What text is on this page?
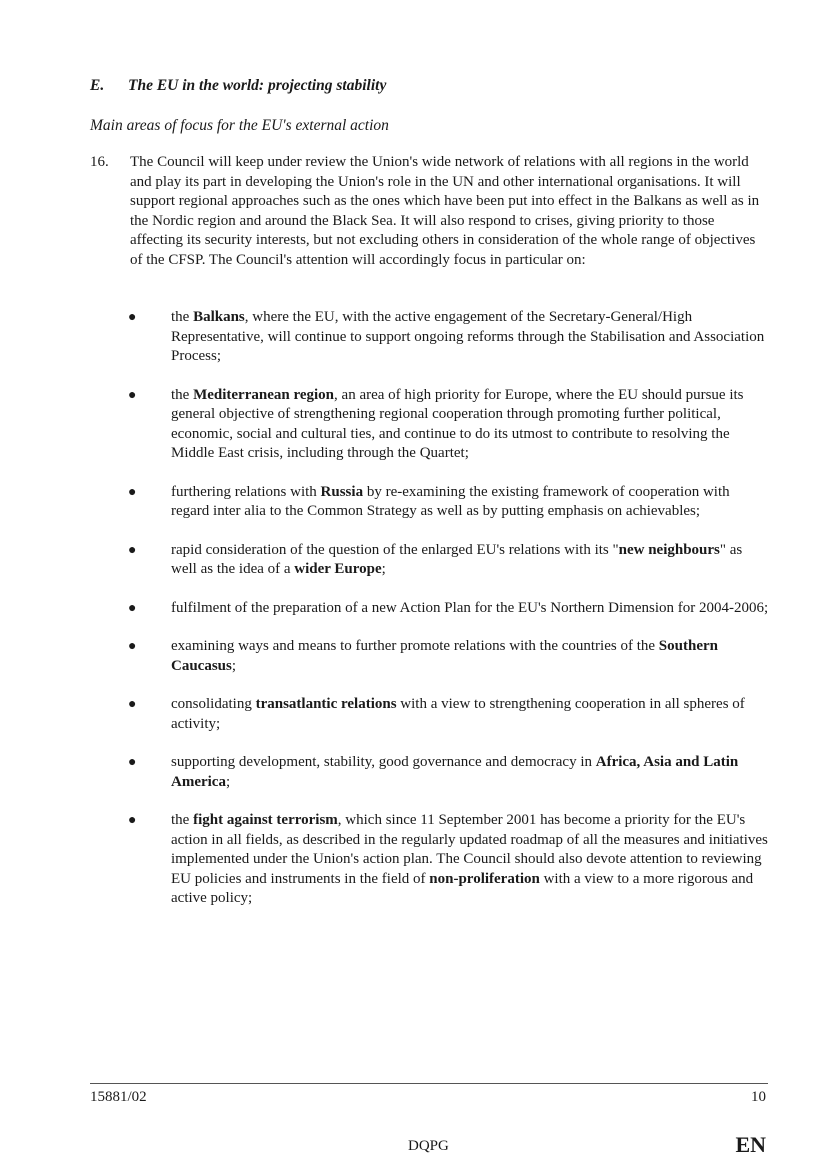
E. The EU in the world: projecting stability
Main areas of focus for the EU's external action
16. The Council will keep under review the Union's wide network of relations with all regions in the world and play its part in developing the Union's role in the UN and other international organisations. It will support regional approaches such as the ones which have been put into effect in the Balkans as well as in the Nordic region and around the Black Sea. It will also respond to crises, giving priority to those affecting its security interests, but not excluding others in consideration of the whole range of objectives of the CFSP. The Council's attention will accordingly focus in particular on:
● the Balkans, where the EU, with the active engagement of the Secretary-General/High Representative, will continue to support ongoing reforms through the Stabilisation and Association Process;
● the Mediterranean region, an area of high priority for Europe, where the EU should pursue its general objective of strengthening regional cooperation through promoting further political, economic, social and cultural ties, and continue to do its utmost to contribute to resolving the Middle East crisis, including through the Quartet;
● furthering relations with Russia by re-examining the existing framework of cooperation with regard inter alia to the Common Strategy as well as by putting emphasis on achievables;
● rapid consideration of the question of the enlarged EU's relations with its "new neighbours" as well as the idea of a wider Europe;
● fulfilment of the preparation of a new Action Plan for the EU's Northern Dimension for 2004-2006;
● examining ways and means to further promote relations with the countries of the Southern Caucasus;
● consolidating transatlantic relations with a view to strengthening cooperation in all spheres of activity;
● supporting development, stability, good governance and democracy in Africa, Asia and Latin America;
● the fight against terrorism, which since 11 September 2001 has become a priority for the EU's action in all fields, as described in the regularly updated roadmap of all the measures and initiatives implemented under the Union's action plan. The Council should also devote attention to reviewing EU policies and instruments in the field of non-proliferation with a view to a more rigorous and active policy;
15881/02	10
DQPG	EN
